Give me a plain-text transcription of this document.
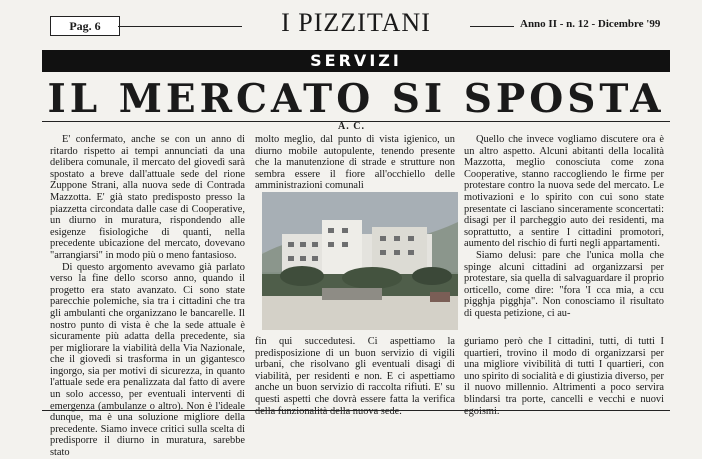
Pag. 6	I PIZZITANI	Anno II - n. 12 - Dicembre '99
SERVIZI
IL MERCATO SI SPOSTA
A. C.

E' confermato, anche se con un anno di ritardo rispetto ai tempi annunciati da una delibera comunale, il mercato del giovedì sarà spostato a breve dall'attuale sede del rione Zuppone Strani, alla nuova sede di Contrada Mazzotta. E' già stato predisposto presso la piazzetta circondata dalle case di Cooperative, un diurno in muratura, rispondendo alle esigenze fisiologiche di quanti, nella precedente ubicazione del mercato, dovevano "arrangiarsi" in modo più o meno fantasioso.

Di questo argomento avevamo già parlato verso la fine dello scorso anno, quando il progetto era stato avanzato. Ci sono state parecchie polemiche, sia tra i cittadini che tra gli ambulanti che organizzano le bancarelle. Il nostro punto di vista è che la sede attuale è sicuramente più adatta della precedente, sia per migliorare la viabilità della Via Nazionale, che il giovedì si trasforma in un gigantesco ingorgo, sia per motivi di sicurezza, in quanto l'attuale sede era penalizzata dal fatto di avere un solo accesso, per eventuali interventi di emergenza (ambulanze o altro). Non è l'ideale dunque, ma è una soluzione migliore della precedente. Siamo invece critici sulla scelta di predisporre il diurno in muratura, sarebbe stato

molto meglio, dal punto di vista igienico, un diurno mobile autopulente, tenendo presente che la manutenzione di strade e strutture non sembra essere il fiore all'occhiello delle amministrazioni comunali

fin qui succedutesi. Ci aspettiamo la predisposizione di un buon servizio di vigili urbani, che risolvano gli eventuali disagi di viabilità, per residenti e non. E ci aspettiamo anche un buon servizio di raccolta rifiuti. E' su questi aspetti che dovrà essere fatta la verifica della funzionalità della nuova sede.

Quello che invece vogliamo discutere ora è un altro aspetto. Alcuni abitanti della località Mazzotta, meglio conosciuta come zona Cooperative, stanno raccogliendo le firme per protestare contro la nuova sede del mercato. Le motivazioni e lo spirito con cui sono state presentate ci lasciano sinceramente sconcertati: disagi per il parcheggio auto dei residenti, ma soprattutto, a sentire I cittadini promotori, aumento del rischio di furti negli appartamenti.

Siamo delusi: pare che l'unica molla che spinge alcuni cittadini ad organizzarsi per protestare, sia quella di salvaguardare il proprio orticello, come dire: "fora 'I cca mia, a ccu pigghja pigghja". Non conosciamo il risultato di questa petizione, ci au-

guriamo però che I cittadini, tutti, di tutti I quartieri, trovino il modo di organizzarsi per una migliore vivibilità di tutti I quartieri, con uno spirito di socialità e di giustizia diverso, per il nuovo millennio. Altrimenti a poco servira blindarsi tra porte, cancelli e vecchi e nuovi egoismi.
